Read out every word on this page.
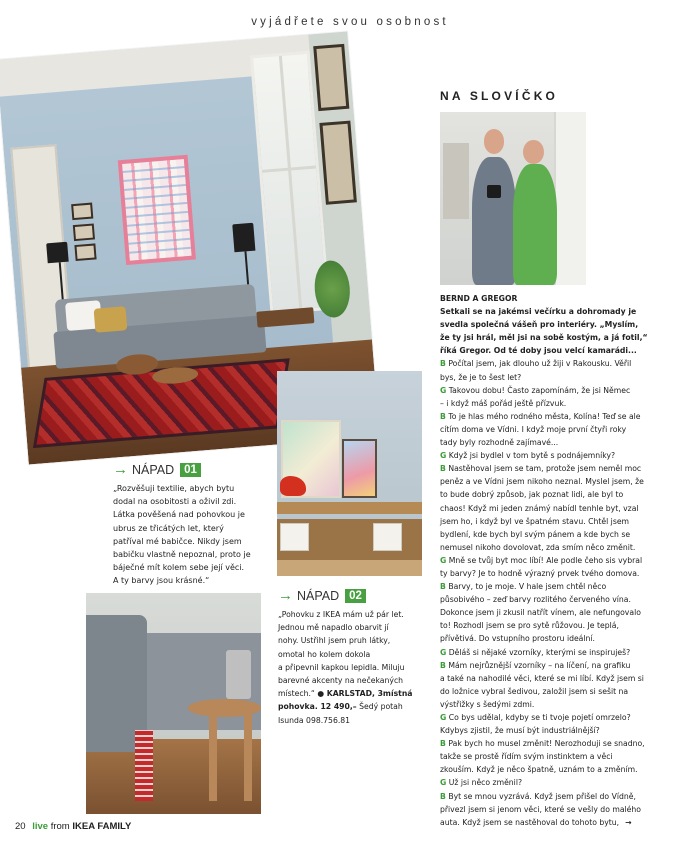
vyjádřete svou osobnost
NA SLOVÍČKO
→ NÁPAD 01

„Rozvěšuji textilie, abych bytu

dodal na osobitosti a oživil zdi.

Látka pověšená nad pohovkou je

ubrus ze třicátých let, který

patříval mé babičce. Nikdy jsem

babičku vlastně nepoznal, proto je

báječné mít kolem sebe její věci.

A ty barvy jsou krásné.“

→ NÁPAD 02

„Pohovku z IKEA mám už pár let.

Jednou mě napadlo obarvit jí

nohy. Ustřihl jsem pruh látky,

omotal ho kolem dokola

a připevnil kapkou lepidla. Miluju

barevné akcenty na nečekaných

místech.“ ● KARLSTAD, 3místná

pohovka. 12 490,– Šedý potah

Isunda 098.756.81

BERND A GREGOR

Setkali se na jakémsi večírku a dohromady je

svedla společná vášeň pro interiéry. „Myslím,

že ty jsi hrál, měl jsi na sobě kostým, a já fotil,“

říká Gregor. Od té doby jsou velcí kamarádi...

B Počítal jsem, jak dlouho už žiji v Rakousku. Věřil

bys, že je to šest let?

G Takovou dobu! Často zapomínám, že jsi Němec

– i když máš pořád ještě přízvuk.

B To je hlas mého rodného města, Kolína! Teď se ale

cítím doma ve Vídni. I když moje první čtyři roky

tady byly rozhodně zajímavé...

G Když jsi bydlel v tom bytě s podnájemníky?

B Nastěhoval jsem se tam, protože jsem neměl moc

peněz a ve Vídni jsem nikoho neznal. Myslel jsem, že

to bude dobrý způsob, jak poznat lidi, ale byl to

chaos! Když mi jeden známý nabídl tenhle byt, vzal

jsem ho, i když byl ve špatném stavu. Chtěl jsem

bydlení, kde bych byl svým pánem a kde bych se

nemusel nikoho dovolovat, zda smím něco změnit.

G Mně se tvůj byt moc líbí! Ale podle čeho sis vybral

ty barvy? Je to hodně výrazný prvek tvého domova.

B Barvy, to je moje. V hale jsem chtěl něco

působivého – zeď barvy rozlitého červeného vína.

Dokonce jsem ji zkusil natřít vínem, ale nefungovalo

to! Rozhodl jsem se pro sytě růžovou. Je teplá,

přívětivá. Do vstupního prostoru ideální.

G Děláš si nějaké vzorníky, kterými se inspiruješ?

B Mám nejrůznější vzorníky – na líčení, na grafiku

a také na nahodilé věci, které se mi líbí. Když jsem si

do ložnice vybral šedivou, založil jsem si sešit na

výstřižky s šedými zdmi.

G Co bys udělal, kdyby se ti tvoje pojetí omrzelo?

Kdybys zjistil, že musí být industriálnější?

B Pak bych ho musel změnit! Nerozhoduji se snadno,

takže se prostě řídím svým instinktem a věci

zkouším. Když je něco špatně, uznám to a změním.

G Už jsi něco změnil?

B Byt se mnou vyzrává. Když jsem přišel do Vídně,

přivezl jsem si jenom věci, které se vešly do malého

auta. Když jsem se nastěhoval do tohoto bytu, →

20 live from IKEA FAMILY
